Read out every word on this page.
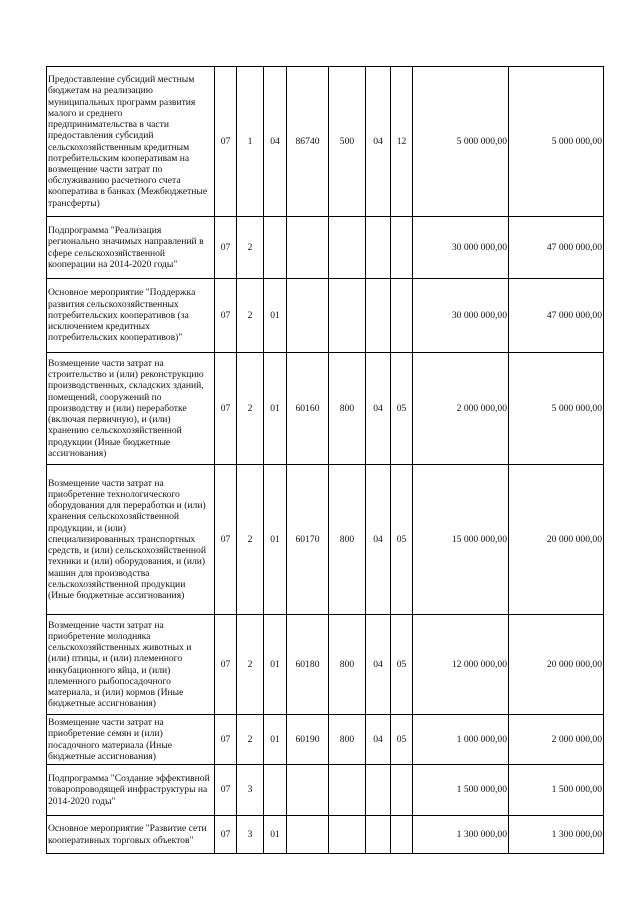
Предоставление субсидий местным бюджетам на реализацию муниципальных программ развития малого и среднего предпринимательства в части предоставления субсидий сельскохозяйственным кредитным потребительским кооперативам на возмещение части затрат по обслуживанию расчетного счета кооператива в банках (Межбюджетные трансферты)	07	1	04	86740	500	04	12	5 000 000,00	5 000 000,00
Подпрограмма "Реализация регионально значимых направлений в сфере сельскохозяйственной кооперации на 2014-2020 годы"	07	2						30 000 000,00	47 000 000,00
Основное мероприятие "Поддержка развития сельскохозяйственных потребительских кооперативов (за исключением кредитных потребительских кооперативов)"	07	2	01					30 000 000,00	47 000 000,00
Возмещение части затрат на строительство и (или) реконструкцию производственных, складских зданий, помещений, сооружений по производству и (или) переработке (включая первичную), и (или) хранению сельскохозяйственной продукции (Иные бюджетные ассигнования)	07	2	01	60160	800	04	05	2 000 000,00	5 000 000,00
Возмещение части затрат на приобретение технологического оборудования для переработки и (или) хранения сельскохозяйственной продукции, и (или) специализированных транспортных средств, и (или) сельскохозяйственной техники и (или) оборудования, и (или) машин для производства сельскохозяйственной продукции (Иные бюджетные ассигнования)	07	2	01	60170	800	04	05	15 000 000,00	20 000 000,00
Возмещение части затрат на приобретение молодняка сельскохозяйственных животных и (или) птицы, и (или) племенного инкубационного яйца, и (или) племенного рыбопосадочного материала, и (или) кормов (Иные бюджетные ассигнования)	07	2	01	60180	800	04	05	12 000 000,00	20 000 000,00
Возмещение части затрат на приобретение семян и (или) посадочного материала (Иные бюджетные ассигнования)	07	2	01	60190	800	04	05	1 000 000,00	2 000 000,00
Подпрограмма "Создание эффективной товаропроводящей инфраструктуры на 2014-2020 годы"	07	3						1 500 000,00	1 500 000,00
Основное мероприятие "Развитие сети кооперативных торговых объектов"	07	3	01					1 300 000,00	1 300 000,00
